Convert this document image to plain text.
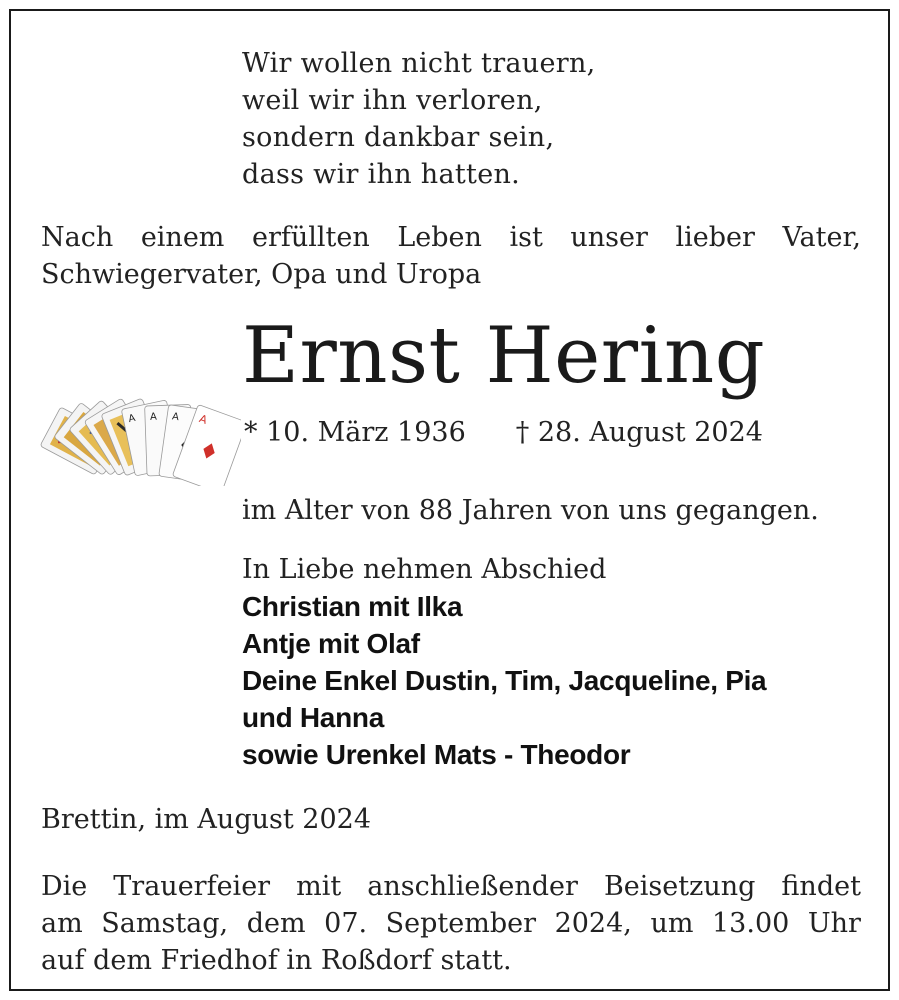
Wir wollen nicht trauern,
weil wir ihn verloren,
sondern dankbar sein,
dass wir ihn hatten.
Nach einem erfüllten Leben ist unser lieber Vater,
Schwiegervater, Opa und Uropa
A A A A
Ernst Hering
* 10. März 1936 † 28. August 2024
im Alter von 88 Jahren von uns gegangen.
In Liebe nehmen Abschied
Christian mit Ilka
Antje mit Olaf
Deine Enkel Dustin, Tim, Jacqueline, Pia
und Hanna
sowie Urenkel Mats - Theodor
Brettin, im August 2024
Die Trauerfeier mit anschließender Beisetzung findet
am Samstag, dem 07. September 2024, um 13.00 Uhr
auf dem Friedhof in Roßdorf statt.
